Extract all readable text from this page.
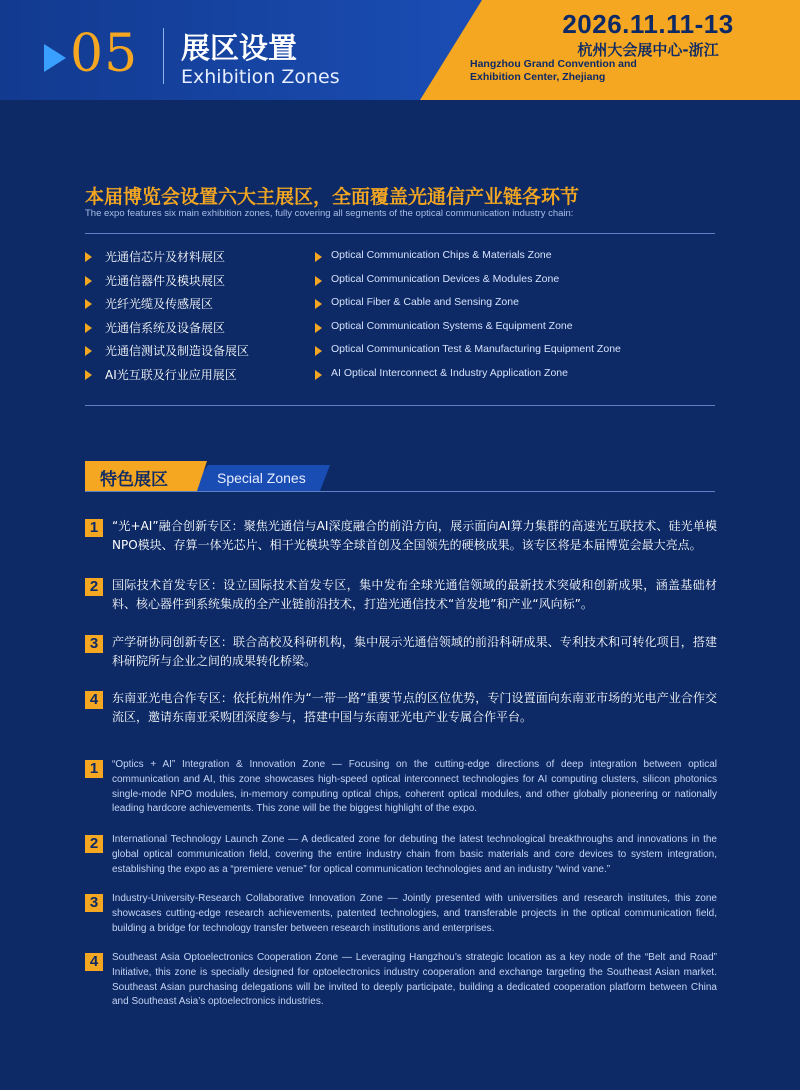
05 展区设置
Exhibition Zones
2026.11.11-13
杭州大会展中心-浙江
Hangzhou Grand Convention and
Exhibition Center, Zhejiang
本届博览会设置六大主展区，全面覆盖光通信产业链各环节
The expo features six main exhibition zones, fully covering all segments of the optical communication industry chain:
光通信芯片及材料展区	Optical Communication Chips & Materials Zone
光通信器件及模块展区	Optical Communication Devices & Modules Zone
光纤光缆及传感展区	Optical Fiber & Cable and Sensing Zone
光通信系统及设备展区	Optical Communication Systems & Equipment Zone
光通信测试及制造设备展区	Optical Communication Test & Manufacturing Equipment Zone
AI光互联及行业应用展区	AI Optical Interconnect & Industry Application Zone
特色展区	Special Zones
1	“光+AI”融合创新专区：聚焦光通信与AI深度融合的前沿方向，展示面向AI算力集群的高速光互联技术、硅光单模NPO模块、存算一体光芯片、相干光模块等全球首创及全国领先的硬核成果。该专区将是本届博览会最大亮点。
2	国际技术首发专区：设立国际技术首发专区，集中发布全球光通信领域的最新技术突破和创新成果，涵盖基础材料、核心器件到系统集成的全产业链前沿技术，打造光通信技术“首发地”和产业“风向标”。
3	产学研协同创新专区：联合高校及科研机构，集中展示光通信领域的前沿科研成果、专利技术和可转化项目，搭建科研院所与企业之间的成果转化桥梁。
4	东南亚光电合作专区：依托杭州作为“一带一路”重要节点的区位优势，专门设置面向东南亚市场的光电产业合作交流区，邀请东南亚采购团深度参与，搭建中国与东南亚光电产业专属合作平台。
1	“Optics + AI” Integration & Innovation Zone — Focusing on the cutting-edge directions of deep integration between optical communication and AI, this zone showcases high-speed optical interconnect technologies for AI computing clusters, silicon photonics single-mode NPO modules, in-memory computing optical chips, coherent optical modules, and other globally pioneering or nationally leading hardcore achievements. This zone will be the biggest highlight of the expo.
2	International Technology Launch Zone — A dedicated zone for debuting the latest technological breakthroughs and innovations in the global optical communication field, covering the entire industry chain from basic materials and core devices to system integration, establishing the expo as a “premiere venue” for optical communication technologies and an industry “wind vane.”
3	Industry-University-Research Collaborative Innovation Zone — Jointly presented with universities and research institutes, this zone showcases cutting-edge research achievements, patented technologies, and transferable projects in the optical communication field, building a bridge for technology transfer between research institutions and enterprises.
4	Southeast Asia Optoelectronics Cooperation Zone — Leveraging Hangzhou’s strategic location as a key node of the “Belt and Road” Initiative, this zone is specially designed for optoelectronics industry cooperation and exchange targeting the Southeast Asian market. Southeast Asian purchasing delegations will be invited to deeply participate, building a dedicated cooperation platform between China and Southeast Asia’s optoelectronics industries.
